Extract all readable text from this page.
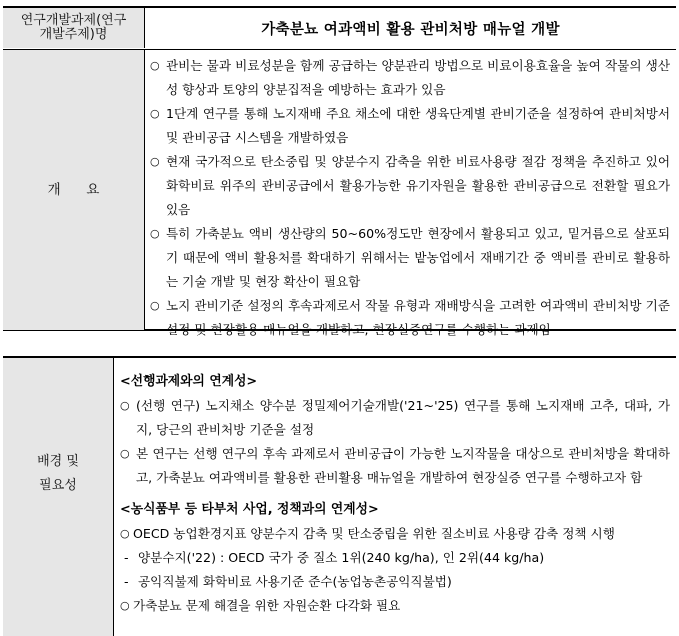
연구개발과제(연구개발주제)명	가축분뇨 여과액비 활용 관비처방 매뉴얼 개발
개      요
○ 관비는 물과 비료성분을 함께 공급하는 양분관리 방법으로 비료이용효율을 높여 작물의 생산성 향상과 토양의 양분집적을 예방하는 효과가 있음
○ 1단계 연구를 통해 노지재배 주요 채소에 대한 생육단계별 관비기준을 설정하여 관비처방서 및 관비공급 시스템을 개발하였음
○ 현재 국가적으로 탄소중립 및 양분수지 감축을 위한 비료사용량 절감 정책을 추진하고 있어 화학비료 위주의 관비공급에서 활용가능한 유기자원을 활용한 관비공급으로 전환할 필요가 있음
○ 특히 가축분뇨 액비 생산량의 50~60%정도만 현장에서 활용되고 있고, 밑거름으로 살포되기 때문에 액비 활용처를 확대하기 위해서는 밭농업에서 재배기간 중 액비를 관비로 활용하는 기술 개발 및 현장 확산이 필요함
○ 노지 관비기준 설정의 후속과제로서 작물 유형과 재배방식을 고려한 여과액비 관비처방 기준 설정 및 현장활용 매뉴얼을 개발하고, 현장실증연구를 수행하는 과제임
배경 및
필요성
<선행과제와의 연계성>
○ (선행 연구) 노지채소 양수분 정밀제어기술개발('21~'25) 연구를 통해 노지재배 고추, 대파, 가지, 당근의 관비처방 기준을 설정
○ 본 연구는 선행 연구의 후속 과제로서 관비공급이 가능한 노지작물을 대상으로 관비처방을 확대하고, 가축분뇨 여과액비를 활용한 관비활용 매뉴얼을 개발하여 현장실증 연구를 수행하고자 함
<농식품부 등 타부처 사업, 정책과의 연계성>
○ OECD 농업환경지표 양분수지 감축 및 탄소중립을 위한 질소비료 사용량 감축 정책 시행
- 양분수지('22) : OECD 국가 중 질소 1위(240 kg/ha), 인 2위(44 kg/ha)
- 공익직불제 화학비료 사용기준 준수(농업농촌공익직불법)
○ 가축분뇨 문제 해결을 위한 자원순환 다각화 필요
